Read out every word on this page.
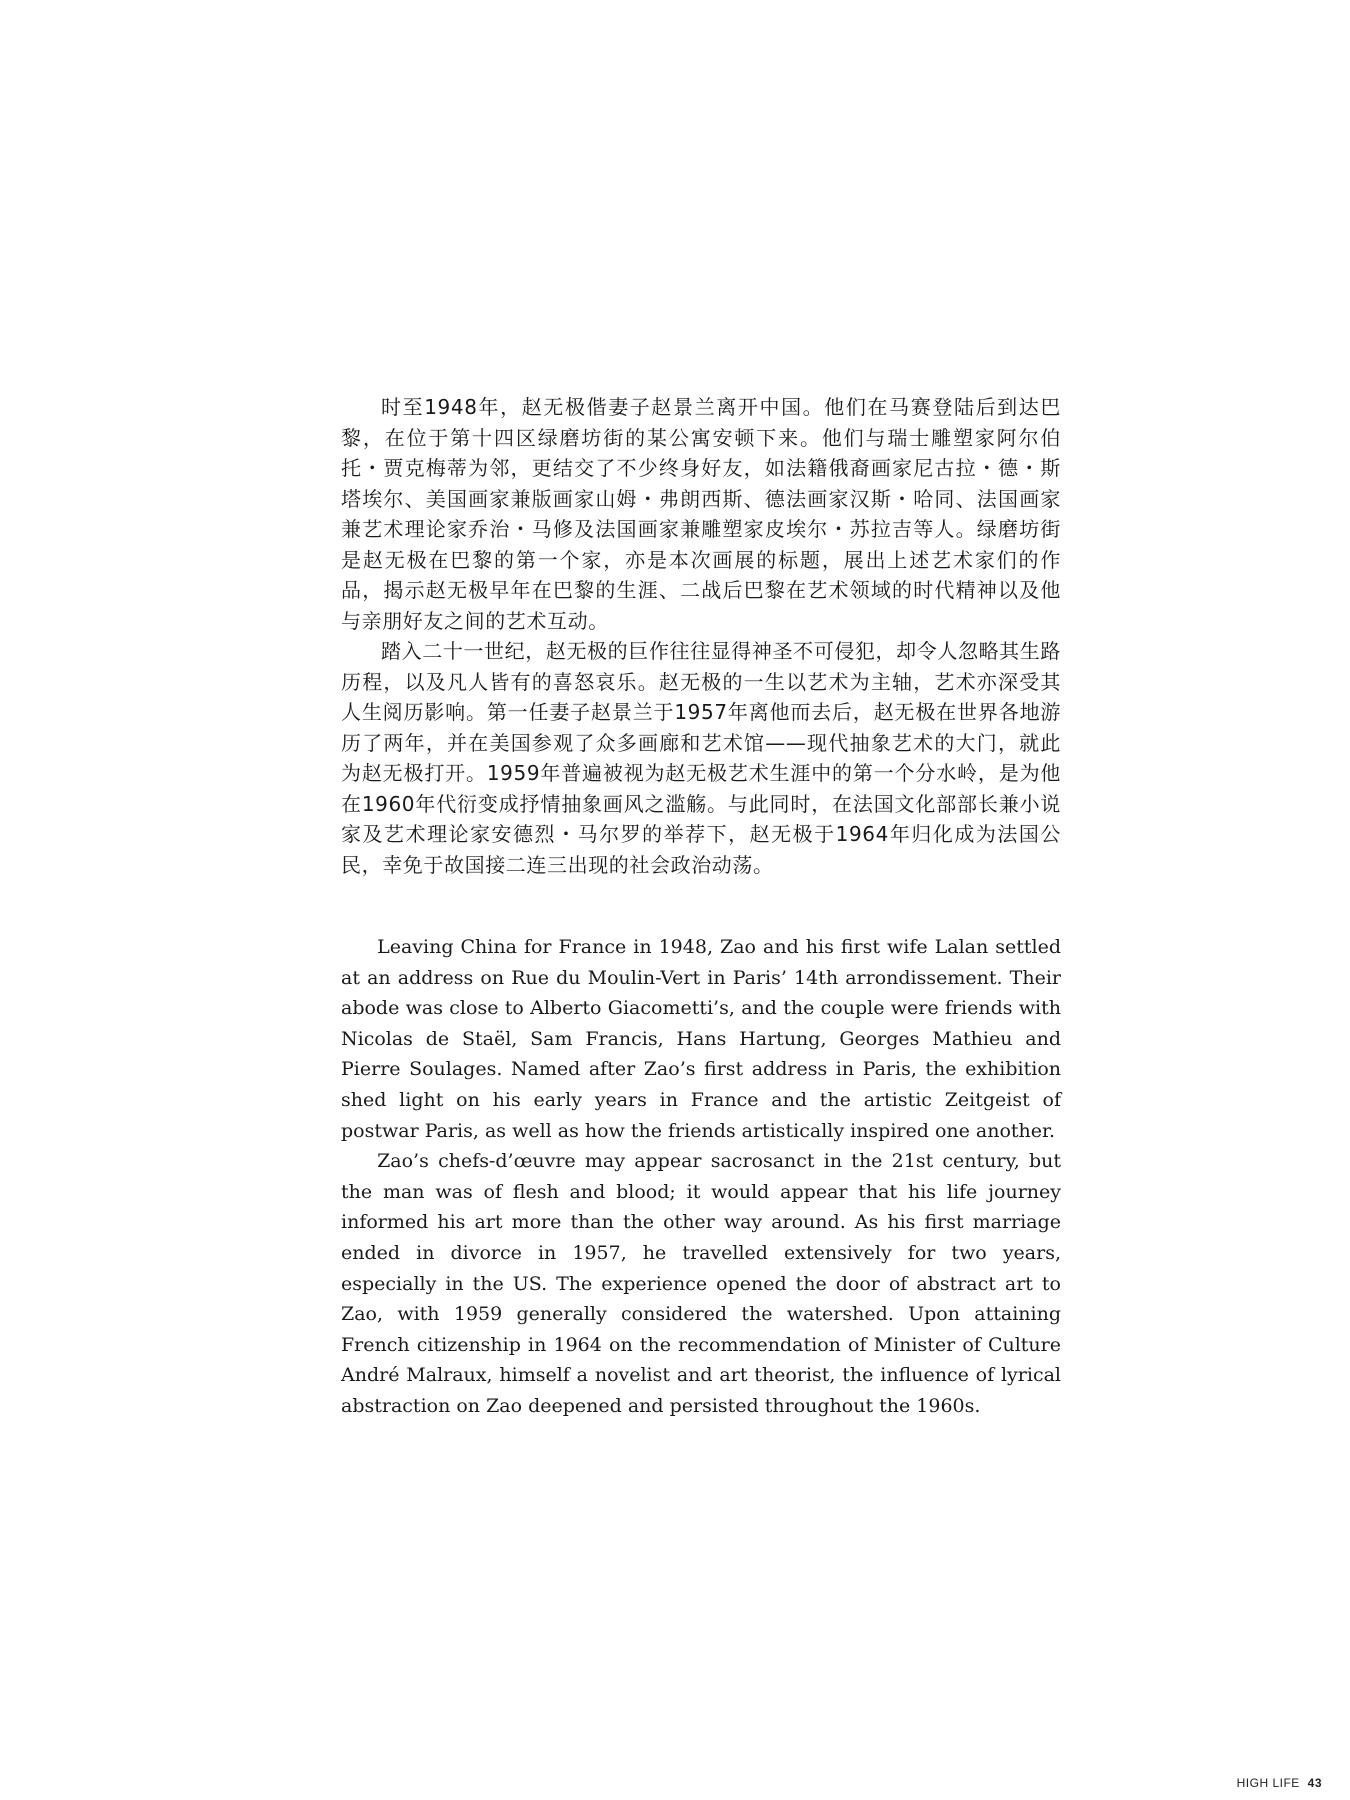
时至1948年，赵无极偕妻子赵景兰离开中国。他们在马赛登陆后到达巴黎，在位于第十四区绿磨坊街的某公寓安顿下来。他们与瑞士雕塑家阿尔伯托・贾克梅蒂为邻，更结交了不少终身好友，如法籍俄裔画家尼古拉・德・斯塔埃尔、美国画家兼版画家山姆・弗朗西斯、德法画家汉斯・哈同、法国画家兼艺术理论家乔治・马修及法国画家兼雕塑家皮埃尔・苏拉吉等人。绿磨坊街是赵无极在巴黎的第一个家，亦是本次画展的标题，展出上述艺术家们的作品，揭示赵无极早年在巴黎的生涯、二战后巴黎在艺术领域的时代精神以及他与亲朋好友之间的艺术互动。

踏入二十一世纪，赵无极的巨作往往显得神圣不可侵犯，却令人忽略其生路历程，以及凡人皆有的喜怒哀乐。赵无极的一生以艺术为主轴，艺术亦深受其人生阅历影响。第一任妻子赵景兰于1957年离他而去后，赵无极在世界各地游历了两年，并在美国参观了众多画廊和艺术馆——现代抽象艺术的大门，就此为赵无极打开。1959年普遍被视为赵无极艺术生涯中的第一个分水岭，是为他在1960年代衍变成抒情抽象画风之滥觞。与此同时，在法国文化部部长兼小说家及艺术理论家安德烈・马尔罗的举荐下，赵无极于1964年归化成为法国公民，幸免于故国接二连三出现的社会政治动荡。

Leaving China for France in 1948, Zao and his first wife Lalan settled at an address on Rue du Moulin-Vert in Paris’ 14th arrondissement. Their abode was close to Alberto Giacometti’s, and the couple were friends with Nicolas de Staël, Sam Francis, Hans Hartung, Georges Mathieu and Pierre Soulages. Named after Zao’s first address in Paris, the exhibition shed light on his early years in France and the artistic Zeitgeist of postwar Paris, as well as how the friends artistically inspired one another.

Zao’s chefs-d’œuvre may appear sacrosanct in the 21st century, but the man was of flesh and blood; it would appear that his life journey informed his art more than the other way around. As his first marriage ended in divorce in 1957, he travelled extensively for two years, especially in the US. The experience opened the door of abstract art to Zao, with 1959 generally considered the watershed. Upon attaining French citizenship in 1964 on the recommendation of Minister of Culture André Malraux, himself a novelist and art theorist, the influence of lyrical abstraction on Zao deepened and persisted throughout the 1960s.

HIGH LIFE 43
